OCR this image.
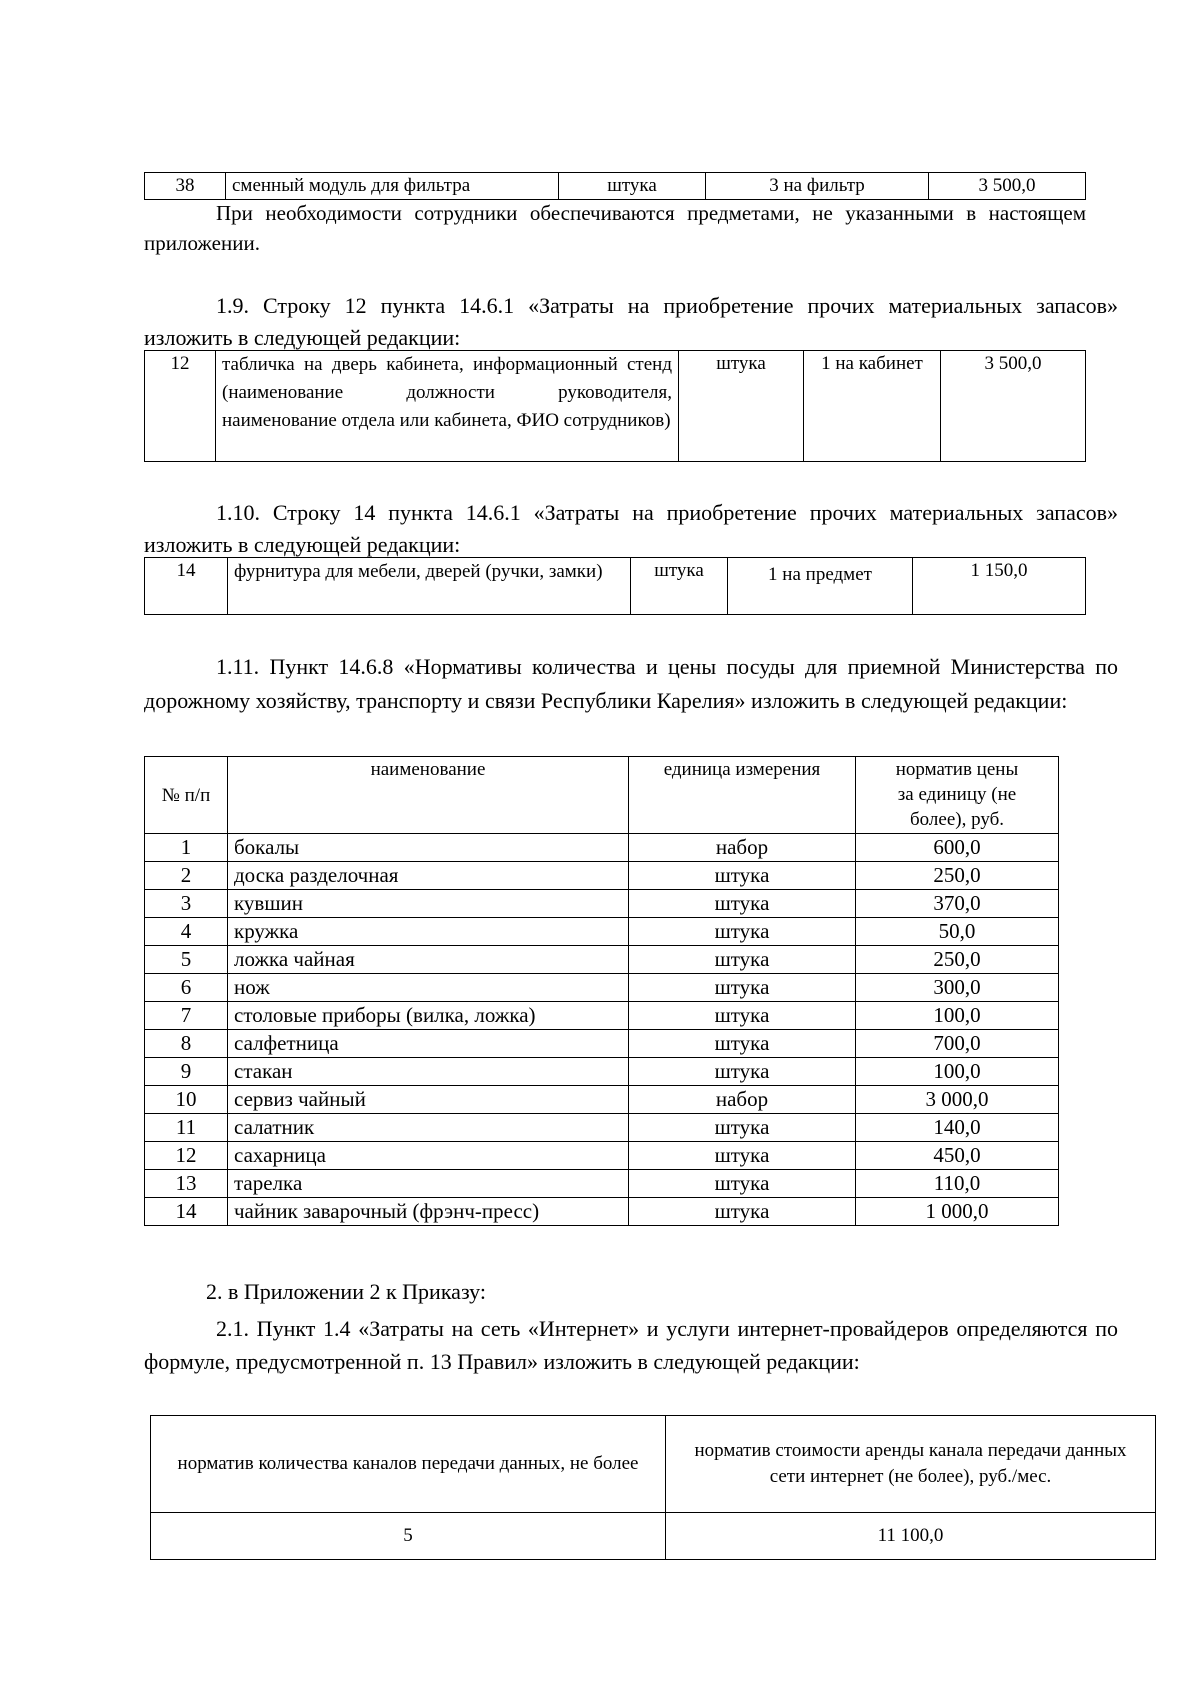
38	сменный модуль для фильтра	штука	3 на фильтр	3 500,0
При необходимости сотрудники обеспечиваются предметами, не указанными в настоящем приложении.
1.9. Строку 12 пункта 14.6.1 «Затраты на приобретение прочих материальных запасов» изложить в следующей редакции:
12	табличка на дверь кабинета, информационный стенд (наименование должности руководителя, наименование отдела или кабинета, ФИО сотрудников)	штука	1 на кабинет	3 500,0
1.10. Строку 14 пункта 14.6.1 «Затраты на приобретение прочих материальных запасов» изложить в следующей редакции:
14	фурнитура для мебели, дверей (ручки, замки)	штука	1 на предмет	1 150,0
1.11. Пункт 14.6.8 «Нормативы количества и цены посуды для приемной Министерства по дорожному хозяйству, транспорту и связи Республики Карелия» изложить в следующей редакции:
№ п/п	наименование	единица измерения	норматив цены за единицу (не более), руб.
1	бокалы	набор	600,0
2	доска разделочная	штука	250,0
3	кувшин	штука	370,0
4	кружка	штука	50,0
5	ложка чайная	штука	250,0
6	нож	штука	300,0
7	столовые приборы (вилка, ложка)	штука	100,0
8	салфетница	штука	700,0
9	стакан	штука	100,0
10	сервиз чайный	набор	3 000,0
11	салатник	штука	140,0
12	сахарница	штука	450,0
13	тарелка	штука	110,0
14	чайник заварочный (фрэнч-пресс)	штука	1 000,0
2. в Приложении 2 к Приказу:
2.1. Пункт 1.4 «Затраты на сеть «Интернет» и услуги интернет-провайдеров определяются по формуле, предусмотренной п. 13 Правил» изложить в следующей редакции:
норматив количества каналов передачи данных, не более	норматив стоимости аренды канала передачи данных сети интернет (не более), руб./мес.
5	11 100,0
